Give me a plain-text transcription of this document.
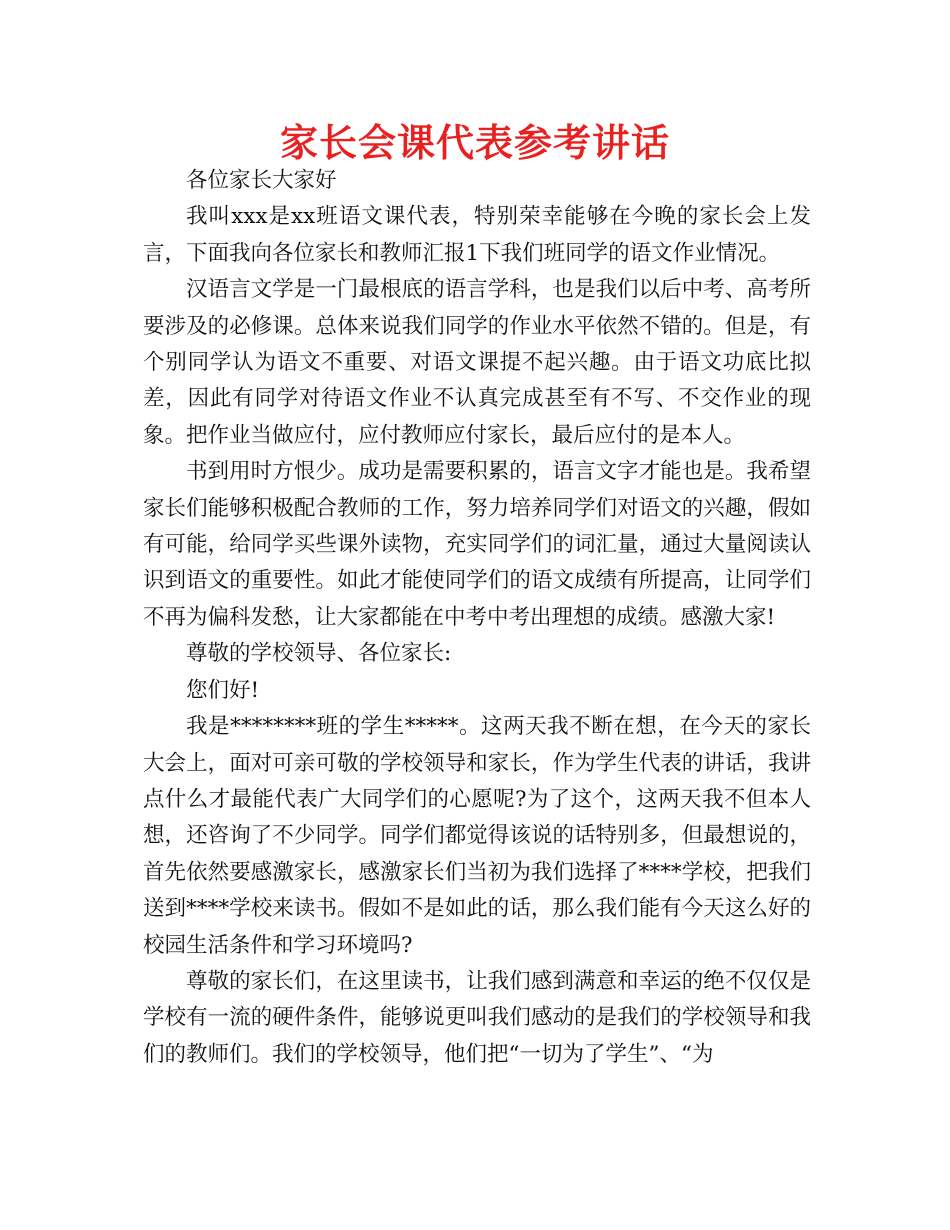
家长会课代表参考讲话

各位家长大家好

我叫xxx是xx班语文课代表，特别荣幸能够在今晚的家长会上发言，下面我向各位家长和教师汇报1下我们班同学的语文作业情况。

汉语言文学是一门最根底的语言学科，也是我们以后中考、高考所要涉及的必修课。总体来说我们同学的作业水平依然不错的。但是，有个别同学认为语文不重要、对语文课提不起兴趣。由于语文功底比拟差，因此有同学对待语文作业不认真完成甚至有不写、不交作业的现象。把作业当做应付，应付教师应付家长，最后应付的是本人。

书到用时方恨少。成功是需要积累的，语言文字才能也是。我希望家长们能够积极配合教师的工作，努力培养同学们对语文的兴趣，假如有可能，给同学买些课外读物，充实同学们的词汇量，通过大量阅读认识到语文的重要性。如此才能使同学们的语文成绩有所提高，让同学们不再为偏科发愁，让大家都能在中考中考出理想的成绩。感激大家!

尊敬的学校领导、各位家长:

您们好!

我是********班的学生*****。这两天我不断在想，在今天的家长大会上，面对可亲可敬的学校领导和家长，作为学生代表的讲话，我讲点什么才最能代表广大同学们的心愿呢?为了这个，这两天我不但本人想，还咨询了不少同学。同学们都觉得该说的话特别多，但最想说的，首先依然要感激家长，感激家长们当初为我们选择了****学校，把我们送到****学校来读书。假如不是如此的话，那么我们能有今天这么好的校园生活条件和学习环境吗?

尊敬的家长们，在这里读书，让我们感到满意和幸运的绝不仅仅是学校有一流的硬件条件，能够说更叫我们感动的是我们的学校领导和我们的教师们。我们的学校领导，他们把“一切为了学生”、“为
